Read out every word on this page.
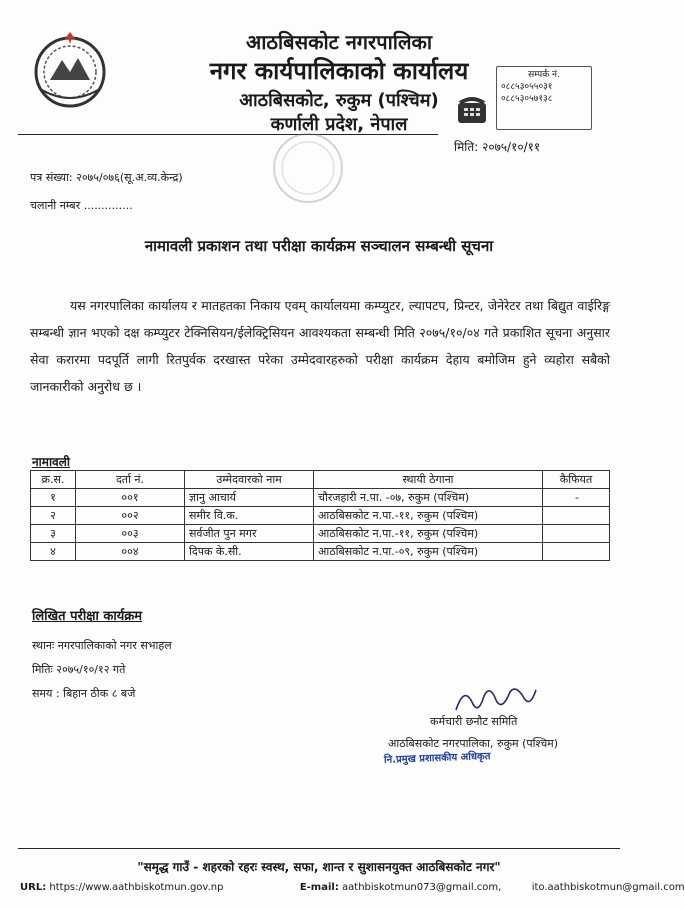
आठबिसकोट नगरपालिका
नगर कार्यपालिकाको कार्यालय
आठबिसकोट, रुकुम (पश्चिम)
कर्णाली प्रदेश, नेपाल
सम्पर्क नं.
०८८५३०५५०३१
०८८५३०५७१३८
मिति: २०७५/१०/११
पत्र संख्या: २०७५/०७६(सू.अ.व्य.केन्द्र)
चलानी नम्बर ..............
नामावली प्रकाशन तथा परीक्षा कार्यक्रम सञ्चालन सम्बन्धी सूचना
यस नगरपालिका कार्यालय र मातहतका निकाय एवम् कार्यालयमा कम्प्युटर, ल्यापटप, प्रिन्टर, जेनेरेटर तथा बिद्युत वाईरिङ्ग सम्बन्धी ज्ञान भएको दक्ष कम्प्युटर टेक्निसियन/ईलेक्ट्रिसियन आवश्यकता सम्बन्धी मिति २०७५/१०/०४ गते प्रकाशित सूचना अनुसार सेवा करारमा पदपूर्ति लागी रितपुर्वक दरखास्त परेका उम्मेदवारहरुको परीक्षा कार्यक्रम देहाय बमोजिम हुने व्यहोरा सबैको जानकारीको अनुरोध छ ।
नामावली
क्र.स.	दर्ता नं.	उम्मेदवारको नाम	स्थायी ठेगाना	कैफियत
१	००१	ज्ञानु आचार्य	चौरजहारी न.पा. -०७, रुकुम (पश्चिम)	-
२	००२	समीर वि.क.	आठबिसकोट न.पा.-११, रुकुम (पश्चिम)	
३	००३	सर्वजीत पुन मगर	आठबिसकोट न.पा.-११, रुकुम (पश्चिम)	
४	००४	दिपक के.सी.	आठबिसकोट न.पा.-०९, रुकुम (पश्चिम)	
लिखित परीक्षा कार्यक्रम
स्थानः नगरपालिकाको नगर सभाहल
मितिः २०७५/१०/१२ गते
समय : बिहान ठीक ८ बजे
कर्मचारी छनौट समिति
आठबिसकोट नगरपालिका, रुकुम (पश्चिम)
नि.प्रमुख प्रशासकीय अधिकृत
"समृद्ध गाउँ - शहरको रहरः स्वस्थ, सफा, शान्त र सुशासनयुक्त आठबिसकोट नगर"
URL: https://www.aathbiskotmun.gov.np	E-mail: aathbiskotmun073@gmail.com,	ito.aathbiskotmun@gmail.com
